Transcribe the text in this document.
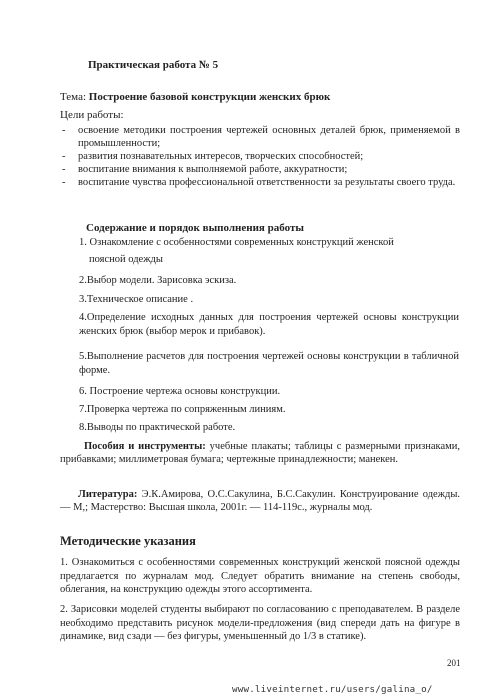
Практическая работа № 5
Тема: Построение базовой конструкции женских брюк
Цели работы:
- освоение методики построения чертежей основных деталей брюк, применяемой в промышленности;
- развития познавательных интересов, творческих способностей;
- воспитание внимания к выполняемой работе, аккуратности;
- воспитание чувства профессиональной ответственности за результаты своего труда.
Содержание и порядок выполнения работы
1. Ознакомление с особенностями современных конструкций женской
поясной одежды
2.Выбор модели. Зарисовка эскиза.
3.Техническое описание .
4.Определение исходных данных для построения чертежей основы конструкции женских брюк (выбор мерок и прибавок).
5.Выполнение расчетов для построения чертежей основы конструкции в табличной форме.
6. Построение чертежа основы конструкции.
7.Проверка чертежа по сопряженным линиям.
8.Выводы по практической работе.
Пособия и инструменты: учебные плакаты; таблицы с размерными признаками, прибавками; миллиметровая бумага; чертежные принадлежности; манекен.
Литература: Э.К.Амирова, О.С.Сакулина, Б.С.Сакулин. Конструирование одежды. — М,; Мастерство: Высшая школа, 2001г. — 114-119с., журналы мод.
Методические указания
1. Ознакомиться с особенностями современных конструкций женской поясной одежды предлагается по журналам мод. Следует обратить внимание на степень свободы, облегания, на конструкцию одежды этого ассортимента.
2. Зарисовки моделей студенты выбирают по согласованию с преподавателем. В разделе необходимо представить рисунок модели-предложения (вид спереди дать на фигуре в динамике, вид сзади — без фигуры, уменьшенный до 1/3 в статике).
201
www.liveinternet.ru/users/galina_o/
